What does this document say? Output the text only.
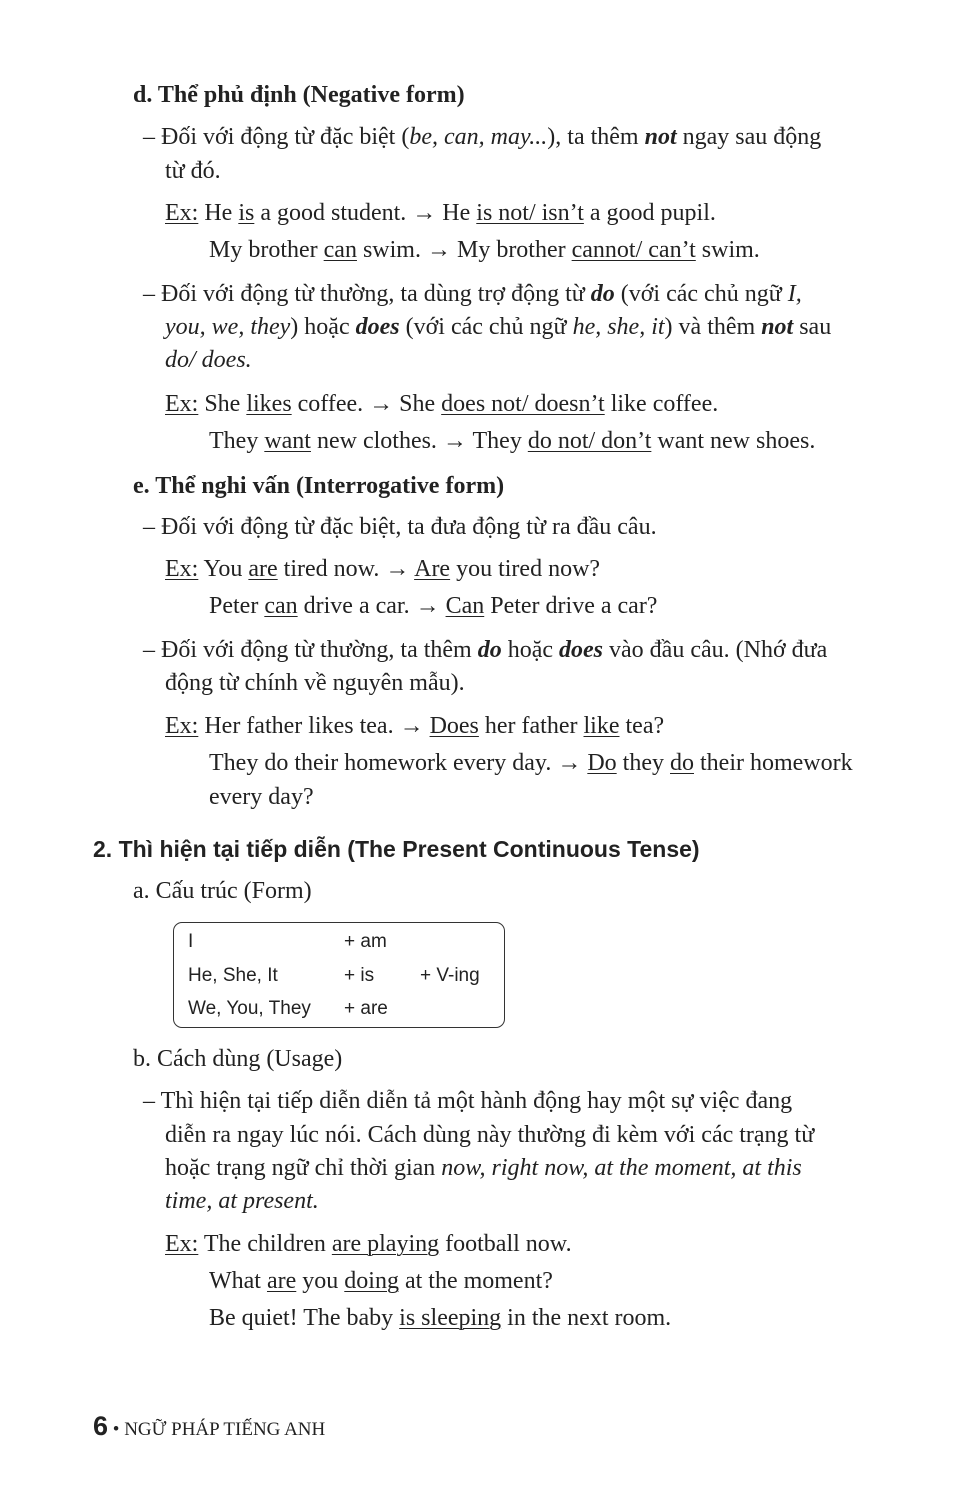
d. Thể phủ định (Negative form)
– Đối với động từ đặc biệt (be, can, may...), ta thêm not ngay sau động
từ đó.
Ex: He is a good student. → He is not/ isn’t a good pupil.
My brother can swim. → My brother cannot/ can’t swim.
– Đối với động từ thường, ta dùng trợ động từ do (với các chủ ngữ I,
you, we, they) hoặc does (với các chủ ngữ he, she, it) và thêm not sau
do/ does.
Ex: She likes coffee. → She does not/ doesn’t like coffee.
They want new clothes. → They do not/ don’t want new shoes.
e. Thể nghi vấn (Interrogative form)
– Đối với động từ đặc biệt, ta đưa động từ ra đầu câu.
Ex: You are tired now. → Are you tired now?
Peter can drive a car. → Can Peter drive a car?
– Đối với động từ thường, ta thêm do hoặc does vào đầu câu. (Nhớ đưa
động từ chính về nguyên mẫu).
Ex: Her father likes tea. → Does her father like tea?
They do their homework every day. → Do they do their homework
every day?
2. Thì hiện tại tiếp diễn (The Present Continuous Tense)
a. Cấu trúc (Form)
I	+ am
He, She, It	+ is + V-ing
We, You, They + are
b. Cách dùng (Usage)
– Thì hiện tại tiếp diễn diễn tả một hành động hay một sự việc đang
diễn ra ngay lúc nói. Cách dùng này thường đi kèm với các trạng từ
hoặc trạng ngữ chỉ thời gian now, right now, at the moment, at this
time, at present.
Ex: The children are playing football now.
What are you doing at the moment?
Be quiet! The baby is sleeping in the next room.
6 • NGỮ PHÁP TIẾNG ANH
